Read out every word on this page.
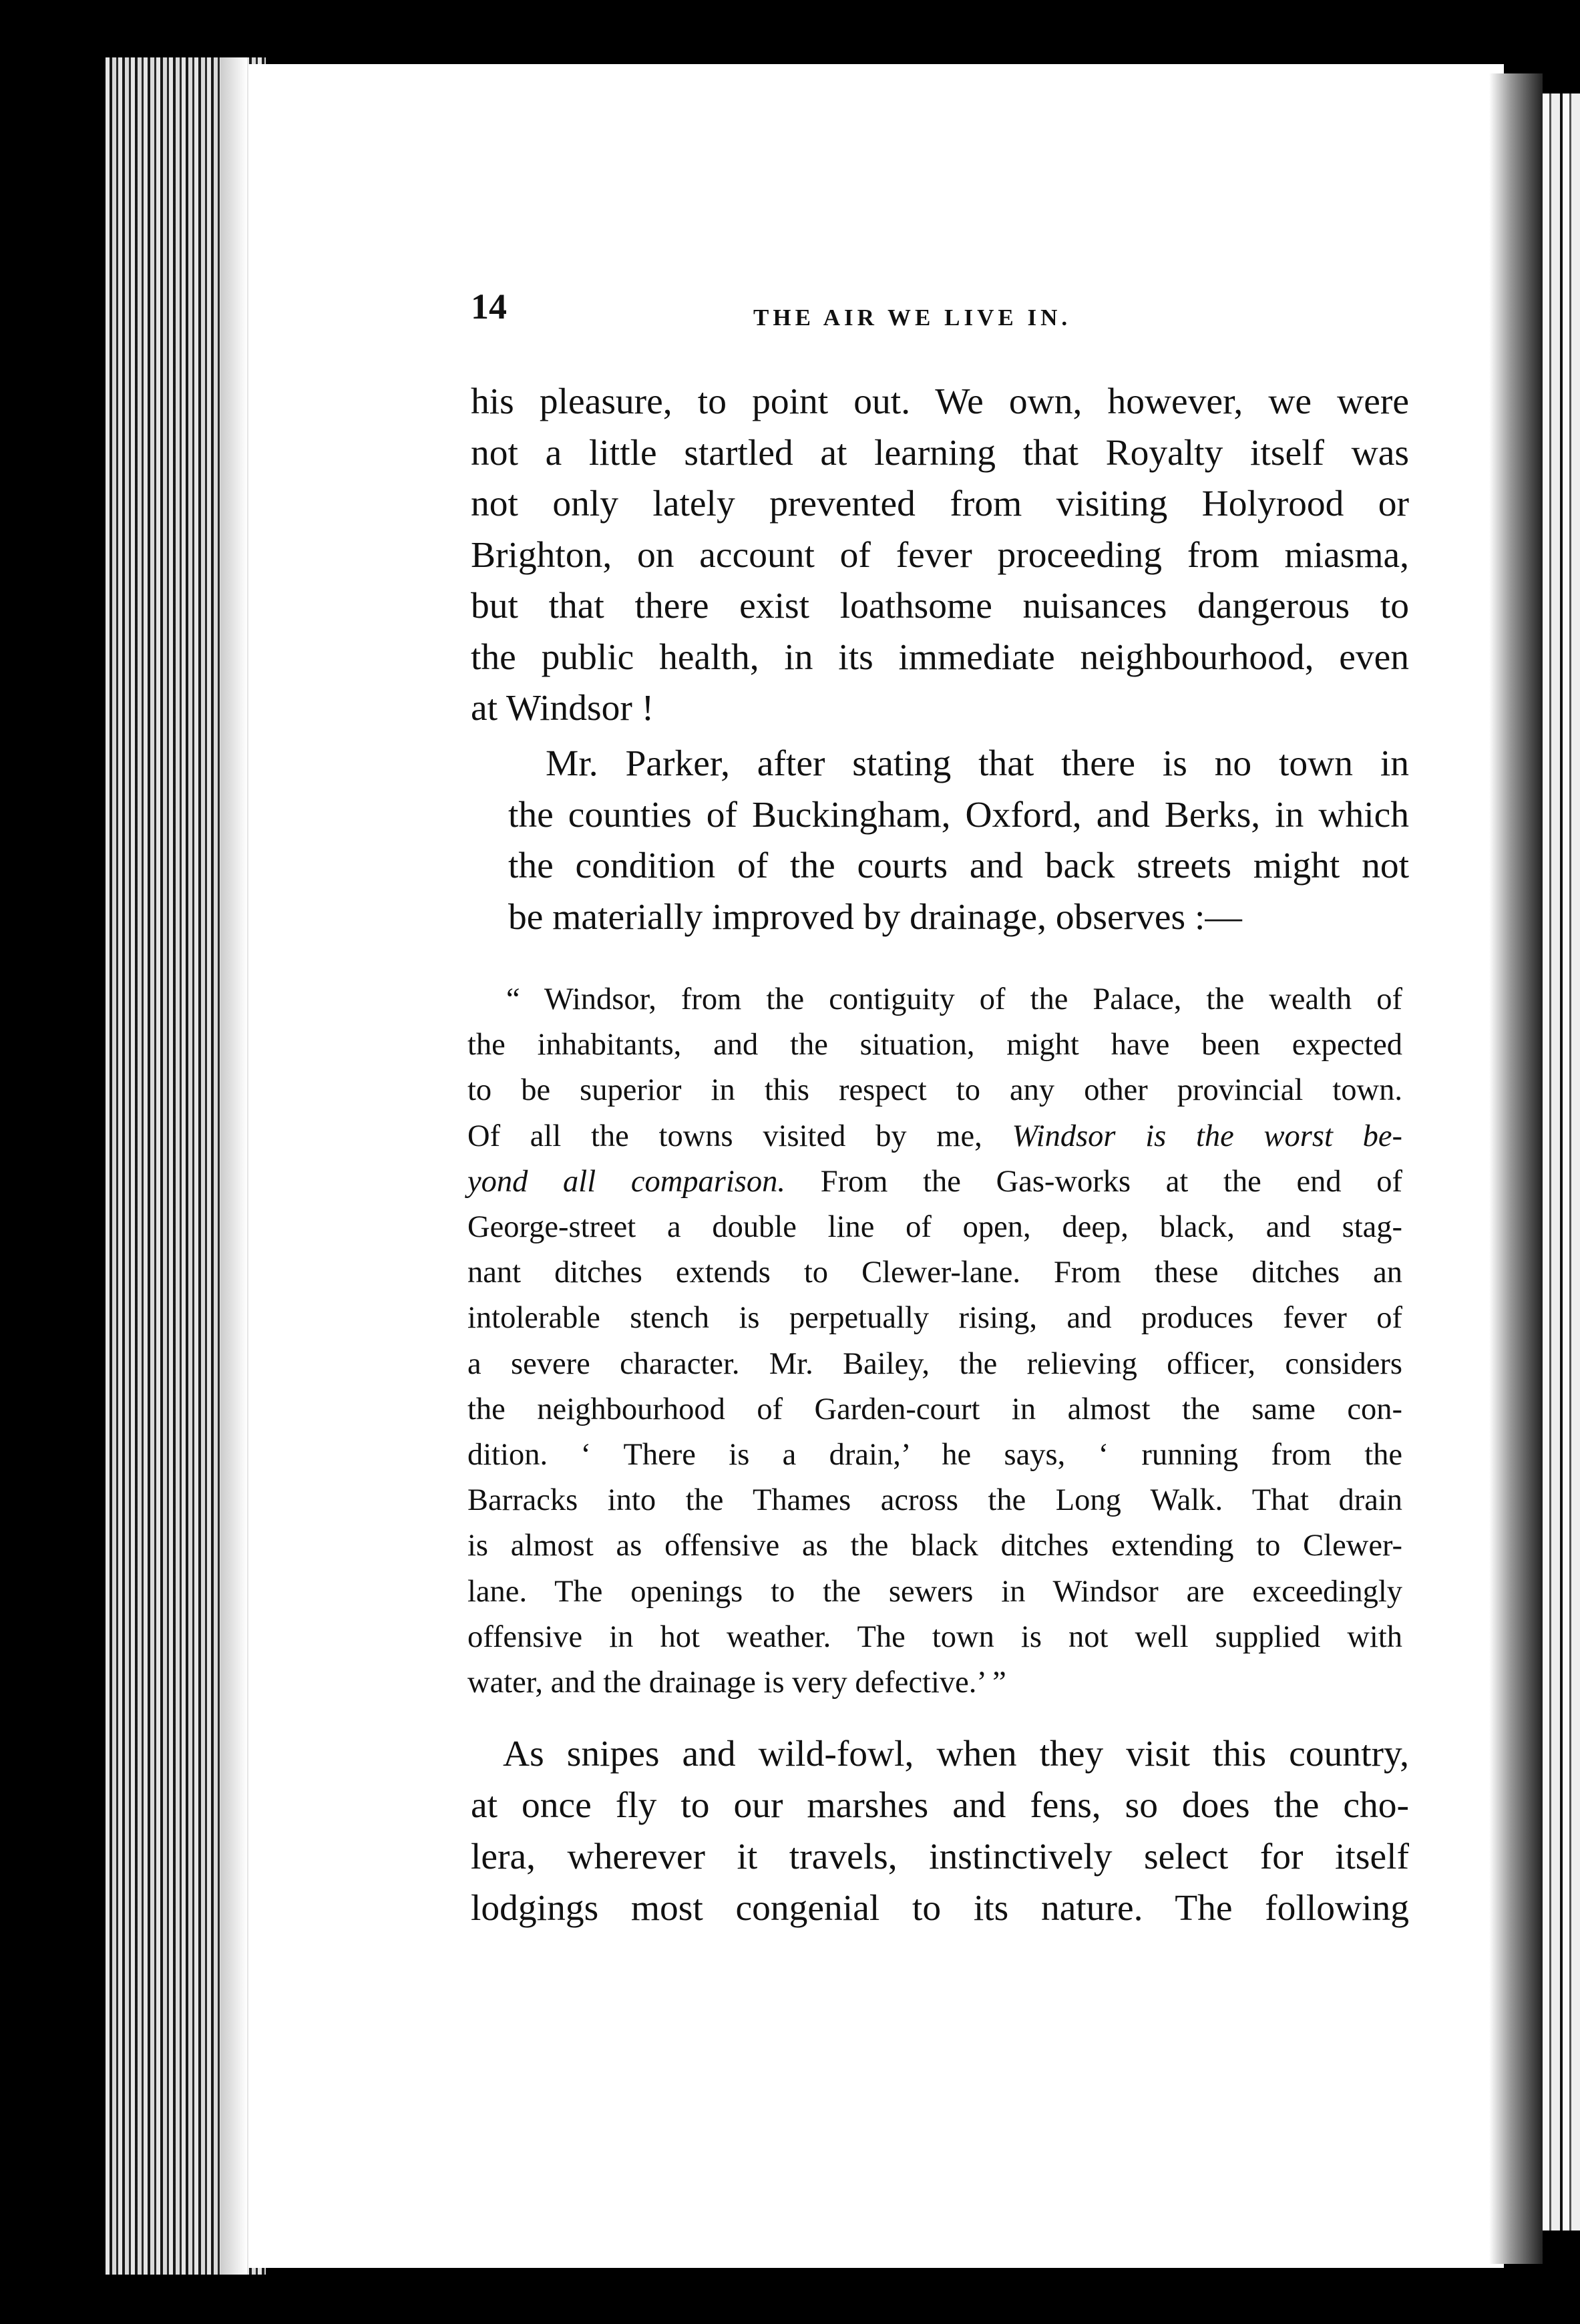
14	THE AIR WE LIVE IN.
his pleasure, to point out. We own, however, we were
not a little startled at learning that Royalty itself was
not only lately prevented from visiting Holyrood or
Brighton, on account of fever proceeding from miasma,
but that there exist loathsome nuisances dangerous to
the public health, in its immediate neighbourhood, even
at Windsor !
Mr. Parker, after stating that there is no town in
the counties of Buckingham, Oxford, and Berks, in which
the condition of the courts and back streets might not
be materially improved by drainage, observes :—
“ Windsor, from the contiguity of the Palace, the wealth of
the inhabitants, and the situation, might have been expected
to be superior in this respect to any other provincial town.
Of all the towns visited by me, Windsor is the worst be-
yond all comparison. From the Gas-works at the end of
George-street a double line of open, deep, black, and stag-
nant ditches extends to Clewer-lane. From these ditches an
intolerable stench is perpetually rising, and produces fever of
a severe character. Mr. Bailey, the relieving officer, considers
the neighbourhood of Garden-court in almost the same con-
dition. ‘ There is a drain,’ he says, ‘ running from the
Barracks into the Thames across the Long Walk. That drain
is almost as offensive as the black ditches extending to Clewer-
lane. The openings to the sewers in Windsor are exceedingly
offensive in hot weather. The town is not well supplied with
water, and the drainage is very defective.’ ”
As snipes and wild-fowl, when they visit this country,
at once fly to our marshes and fens, so does the cho-
lera, wherever it travels, instinctively select for itself
lodgings most congenial to its nature. The following
